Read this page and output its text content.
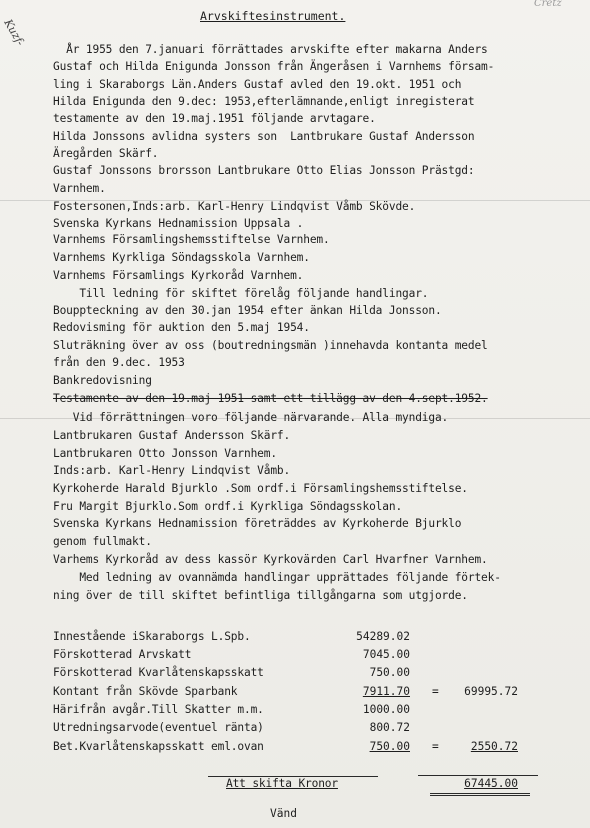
Cretz
Kuzf-
Arvskiftesinstrument.
År 1955 den 7.januari förrättades arvskifte efter makarna Anders
Gustaf och Hilda Enigunda Jonsson från Ängeråsen i Varnhems försam-
ling i Skaraborgs Län.Anders Gustaf avled den 19.okt. 1951 och
Hilda Enigunda den 9.dec: 1953,efterlämnande,enligt inregisterat
testamente av den 19.maj.1951 följande arvtagare.
Hilda Jonssons avlidna systers son  Lantbrukare Gustaf Andersson
Äregården Skärf.
Gustaf Jonssons brorsson Lantbrukare Otto Elias Jonsson Prästgd:
Varnhem.
Fostersonen,Inds:arb. Karl-Henry Lindqvist Våmb Skövde.
Svenska Kyrkans Hednamission Uppsala .
Varnhems Församlingshemsstiftelse Varnhem.
Varnhems Kyrkliga Söndagsskola Varnhem.
Varnhems Församlings Kyrkoråd Varnhem.
Till ledning för skiftet förelåg följande handlingar.
Bouppteckning av den 30.jan 1954 efter änkan Hilda Jonsson.
Redovisming för auktion den 5.maj 1954.
Sluträkning över av oss (boutredningsmän )innehavda kontanta medel
från den 9.dec. 1953
Bankredovisning
Testamente av den 19.maj 1951 samt ett tillägg av den 4.sept.1952.
Vid förrättningen voro följande närvarande. Alla myndiga.
Lantbrukaren Gustaf Andersson Skärf.
Lantbrukaren Otto Jonsson Varnhem.
Inds:arb. Karl-Henry Lindqvist Våmb.
Kyrkoherde Harald Bjurklo .Som ordf.i Församlingshemsstiftelse.
Fru Margit Bjurklo.Som ordf.i Kyrkliga Söndagsskolan.
Svenska Kyrkans Hednamission företräddes av Kyrkoherde Bjurklo
genom fullmakt.
Varhems Kyrkoråd av dess kassör Kyrkovärden Carl Hvarfner Varnhem.
Med ledning av ovannämda handlingar upprättades följande förtek-
ning över de till skiftet befintliga tillgångarna som utgjorde.
Innestående iSkaraborgs L.Spb.	54289.02
Förskotterad Arvskatt	7045.00
Förskotterad Kvarlåtenskapsskatt	750.00
Kontant från Skövde Sparbank	7911.70 =	69995.72
Härifrån avgår.Till Skatter m.m.	1000.00
Utredningsarvode(eventuel ränta)	800.72
Bet.Kvarlåtenskapsskatt eml.ovan	750.00 =	2550.72
Att skifta Kronor	67445.00
Vänd
